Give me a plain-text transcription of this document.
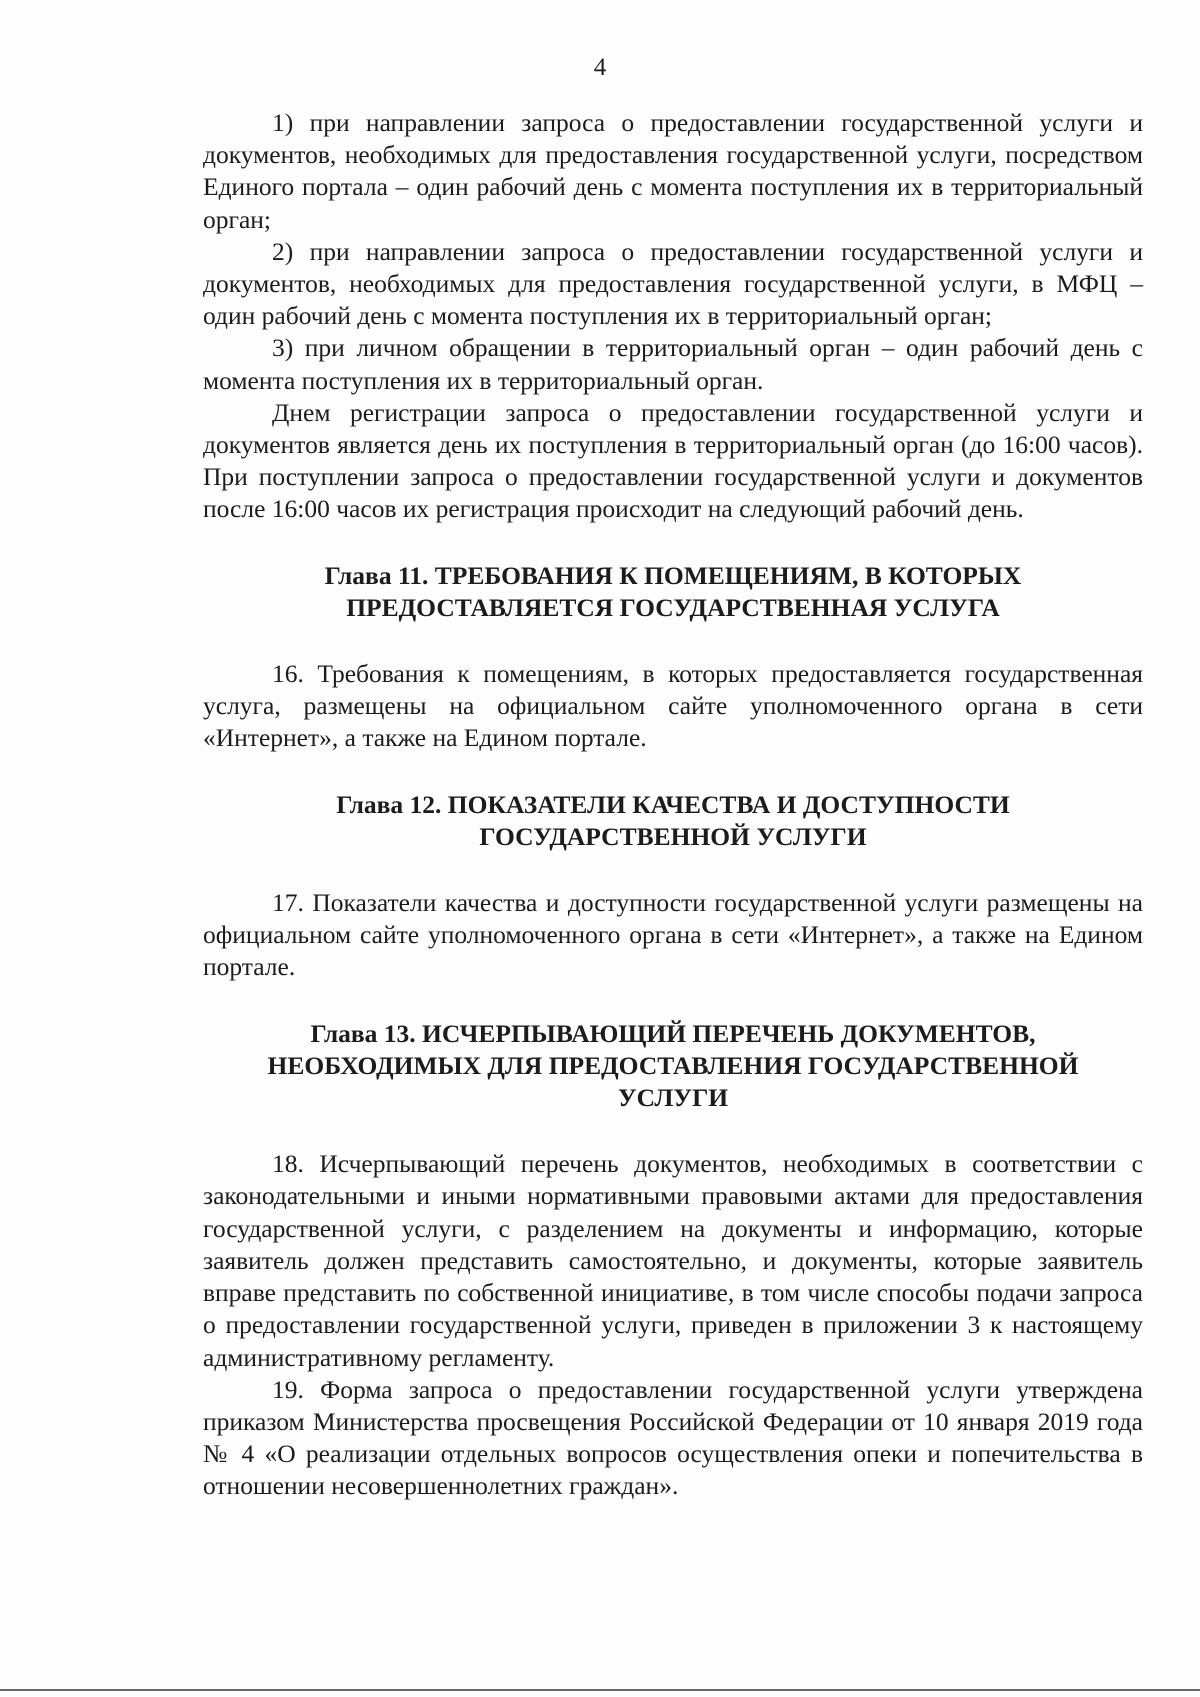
4

1) при направлении запроса о предоставлении государственной услуги и документов, необходимых для предоставления государственной услуги, посредством Единого портала – один рабочий день с момента поступления их в территориальный орган;

2) при направлении запроса о предоставлении государственной услуги и документов, необходимых для предоставления государственной услуги, в МФЦ – один рабочий день с момента поступления их в территориальный орган;

3) при личном обращении в территориальный орган – один рабочий день с момента поступления их в территориальный орган.

Днем регистрации запроса о предоставлении государственной услуги и документов является день их поступления в территориальный орган (до 16:00 часов). При поступлении запроса о предоставлении государственной услуги и документов после 16:00 часов их регистрация происходит на следующий рабочий день.

Глава 11. ТРЕБОВАНИЯ К ПОМЕЩЕНИЯМ, В КОТОРЫХ ПРЕДОСТАВЛЯЕТСЯ ГОСУДАРСТВЕННАЯ УСЛУГА

16. Требования к помещениям, в которых предоставляется государственная услуга, размещены на официальном сайте уполномоченного органа в сети «Интернет», а также на Едином портале.

Глава 12. ПОКАЗАТЕЛИ КАЧЕСТВА И ДОСТУПНОСТИ ГОСУДАРСТВЕННОЙ УСЛУГИ

17. Показатели качества и доступности государственной услуги размещены на официальном сайте уполномоченного органа в сети «Интернет», а также на Едином портале.

Глава 13. ИСЧЕРПЫВАЮЩИЙ ПЕРЕЧЕНЬ ДОКУМЕНТОВ, НЕОБХОДИМЫХ ДЛЯ ПРЕДОСТАВЛЕНИЯ ГОСУДАРСТВЕННОЙ УСЛУГИ

18. Исчерпывающий перечень документов, необходимых в соответствии с законодательными и иными нормативными правовыми актами для предоставления государственной услуги, с разделением на документы и информацию, которые заявитель должен представить самостоятельно, и документы, которые заявитель вправе представить по собственной инициативе, в том числе способы подачи запроса о предоставлении государственной услуги, приведен в приложении 3 к настоящему административному регламенту.

19. Форма запроса о предоставлении государственной услуги утверждена приказом Министерства просвещения Российской Федерации от 10 января 2019 года № 4 «О реализации отдельных вопросов осуществления опеки и попечительства в отношении несовершеннолетних граждан».
